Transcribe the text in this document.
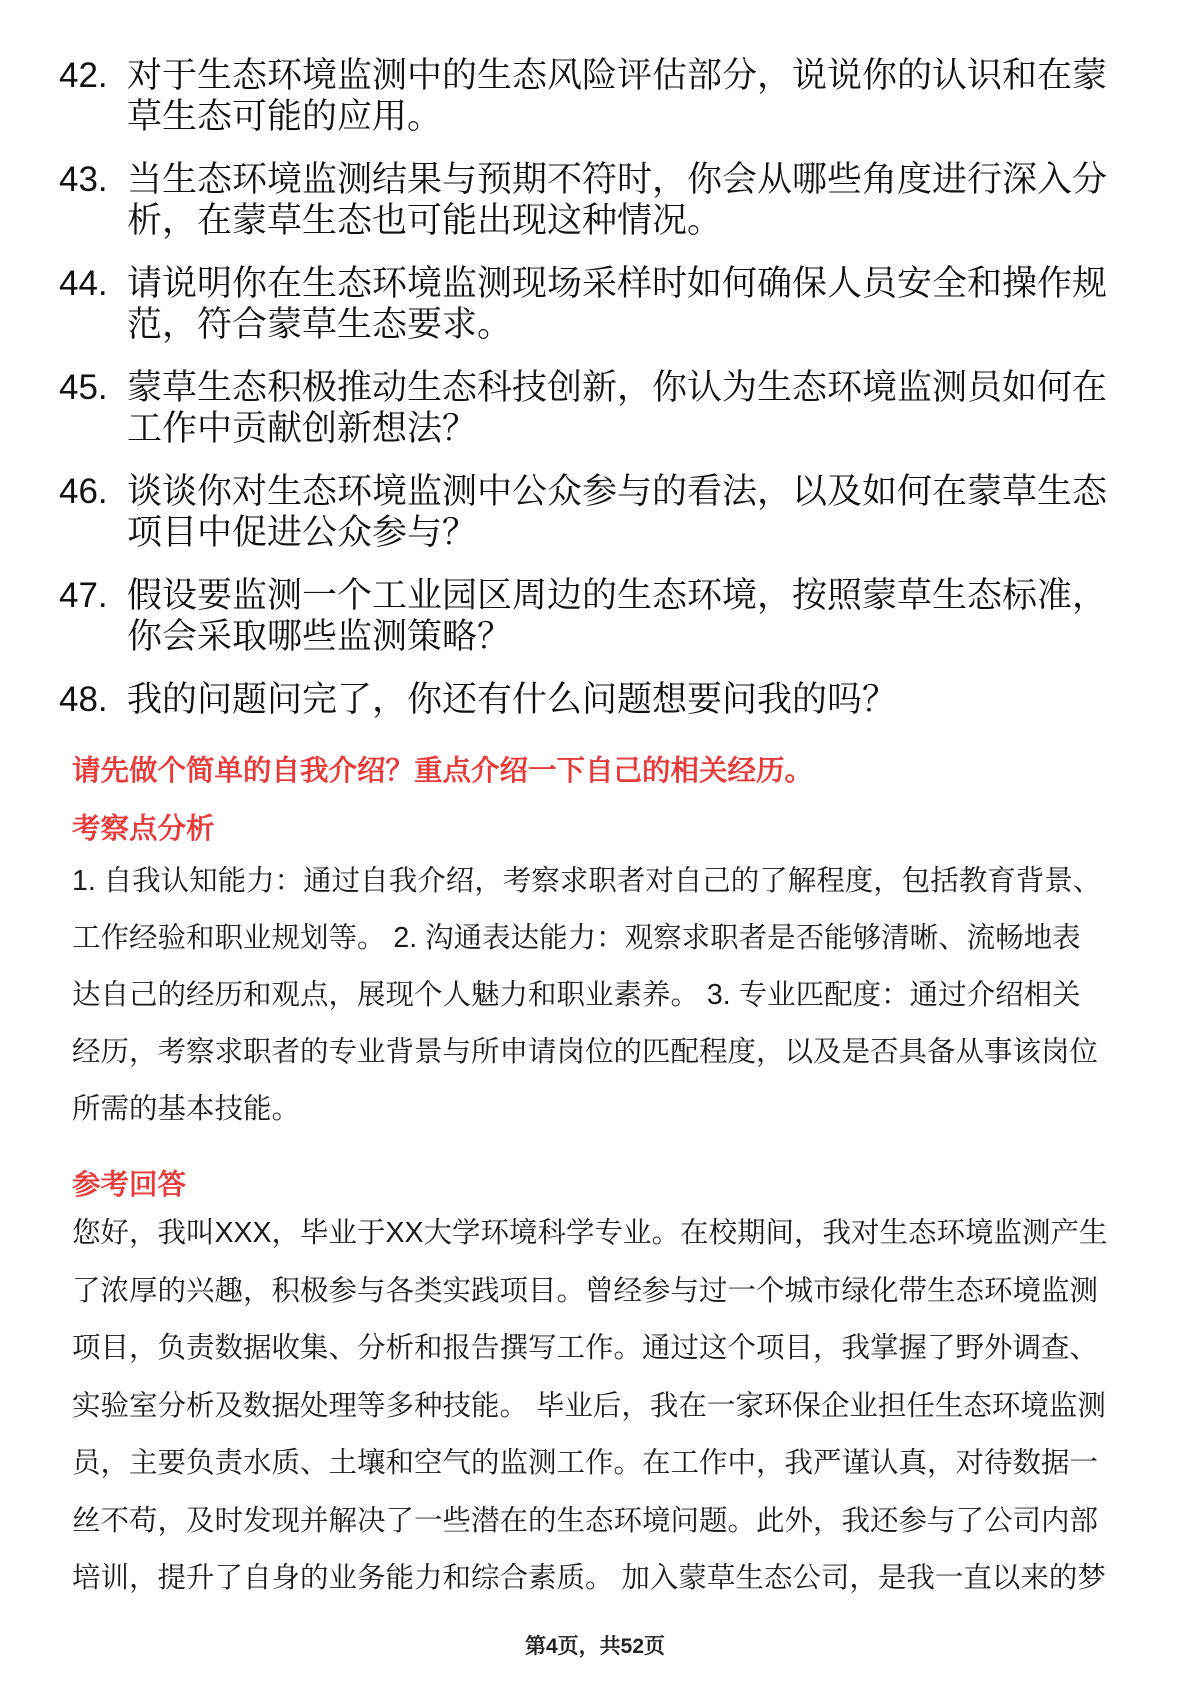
42. 对于生态环境监测中的生态风险评估部分，说说你的认识和在蒙
草生态可能的应用。
43. 当生态环境监测结果与预期不符时，你会从哪些角度进行深入分
析，在蒙草生态也可能出现这种情况。
44. 请说明你在生态环境监测现场采样时如何确保人员安全和操作规
范，符合蒙草生态要求。
45. 蒙草生态积极推动生态科技创新，你认为生态环境监测员如何在
工作中贡献创新想法？
46. 谈谈你对生态环境监测中公众参与的看法，以及如何在蒙草生态
项目中促进公众参与？
47. 假设要监测一个工业园区周边的生态环境，按照蒙草生态标准，
你会采取哪些监测策略？
48. 我的问题问完了，你还有什么问题想要问我的吗？
请先做个简单的自我介绍？重点介绍一下自己的相关经历。
考察点分析
1. 自我认知能力：通过自我介绍，考察求职者对自己的了解程度，包括教育背景、
工作经验和职业规划等。 2. 沟通表达能力：观察求职者是否能够清晰、流畅地表
达自己的经历和观点，展现个人魅力和职业素养。 3. 专业匹配度：通过介绍相关
经历，考察求职者的专业背景与所申请岗位的匹配程度，以及是否具备从事该岗位
所需的基本技能。
参考回答
您好，我叫XXX，毕业于XX大学环境科学专业。在校期间，我对生态环境监测产生
了浓厚的兴趣，积极参与各类实践项目。曾经参与过一个城市绿化带生态环境监测
项目，负责数据收集、分析和报告撰写工作。通过这个项目，我掌握了野外调查、
实验室分析及数据处理等多种技能。 毕业后，我在一家环保企业担任生态环境监测
员，主要负责水质、土壤和空气的监测工作。在工作中，我严谨认真，对待数据一
丝不苟，及时发现并解决了一些潜在的生态环境问题。此外，我还参与了公司内部
培训，提升了自身的业务能力和综合素质。 加入蒙草生态公司，是我一直以来的梦
第4页，共52页
